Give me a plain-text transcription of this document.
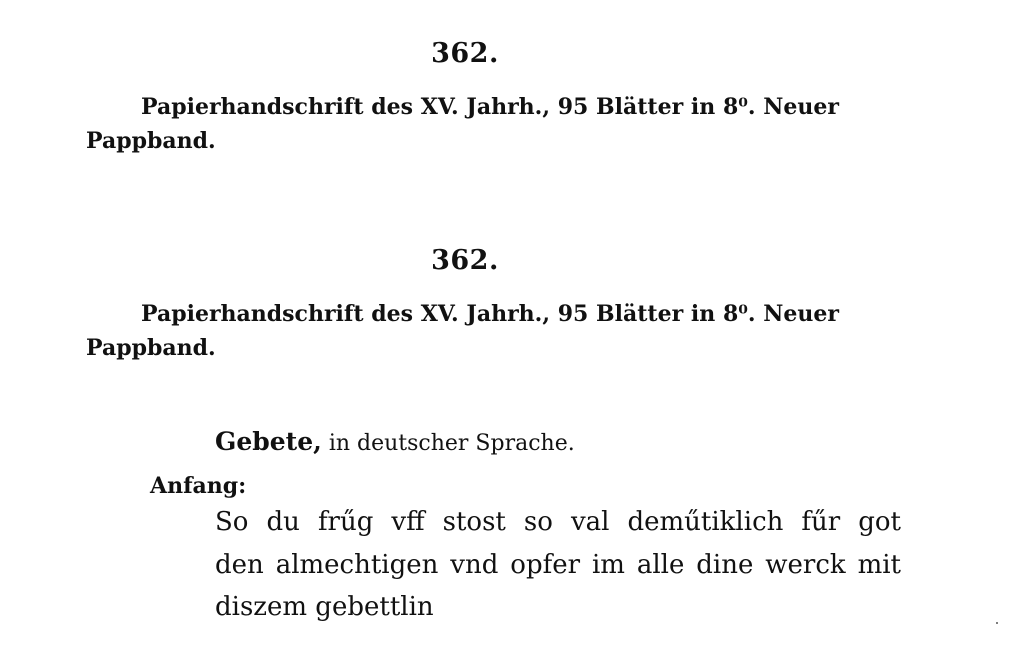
362.
Papierhandschrift des XV. Jahrh., 95 Blätter in 8⁰. Neuer
Pappband.
362.
Papierhandschrift des XV. Jahrh., 95 Blätter in 8⁰. Neuer
Pappband.
Gebete, in deutscher Sprache.
Anfang:
So du frűg vff stost so val deműtiklich fűr got
den almechtigen vnd opfer im alle dine werck mit
diszem gebettlin
